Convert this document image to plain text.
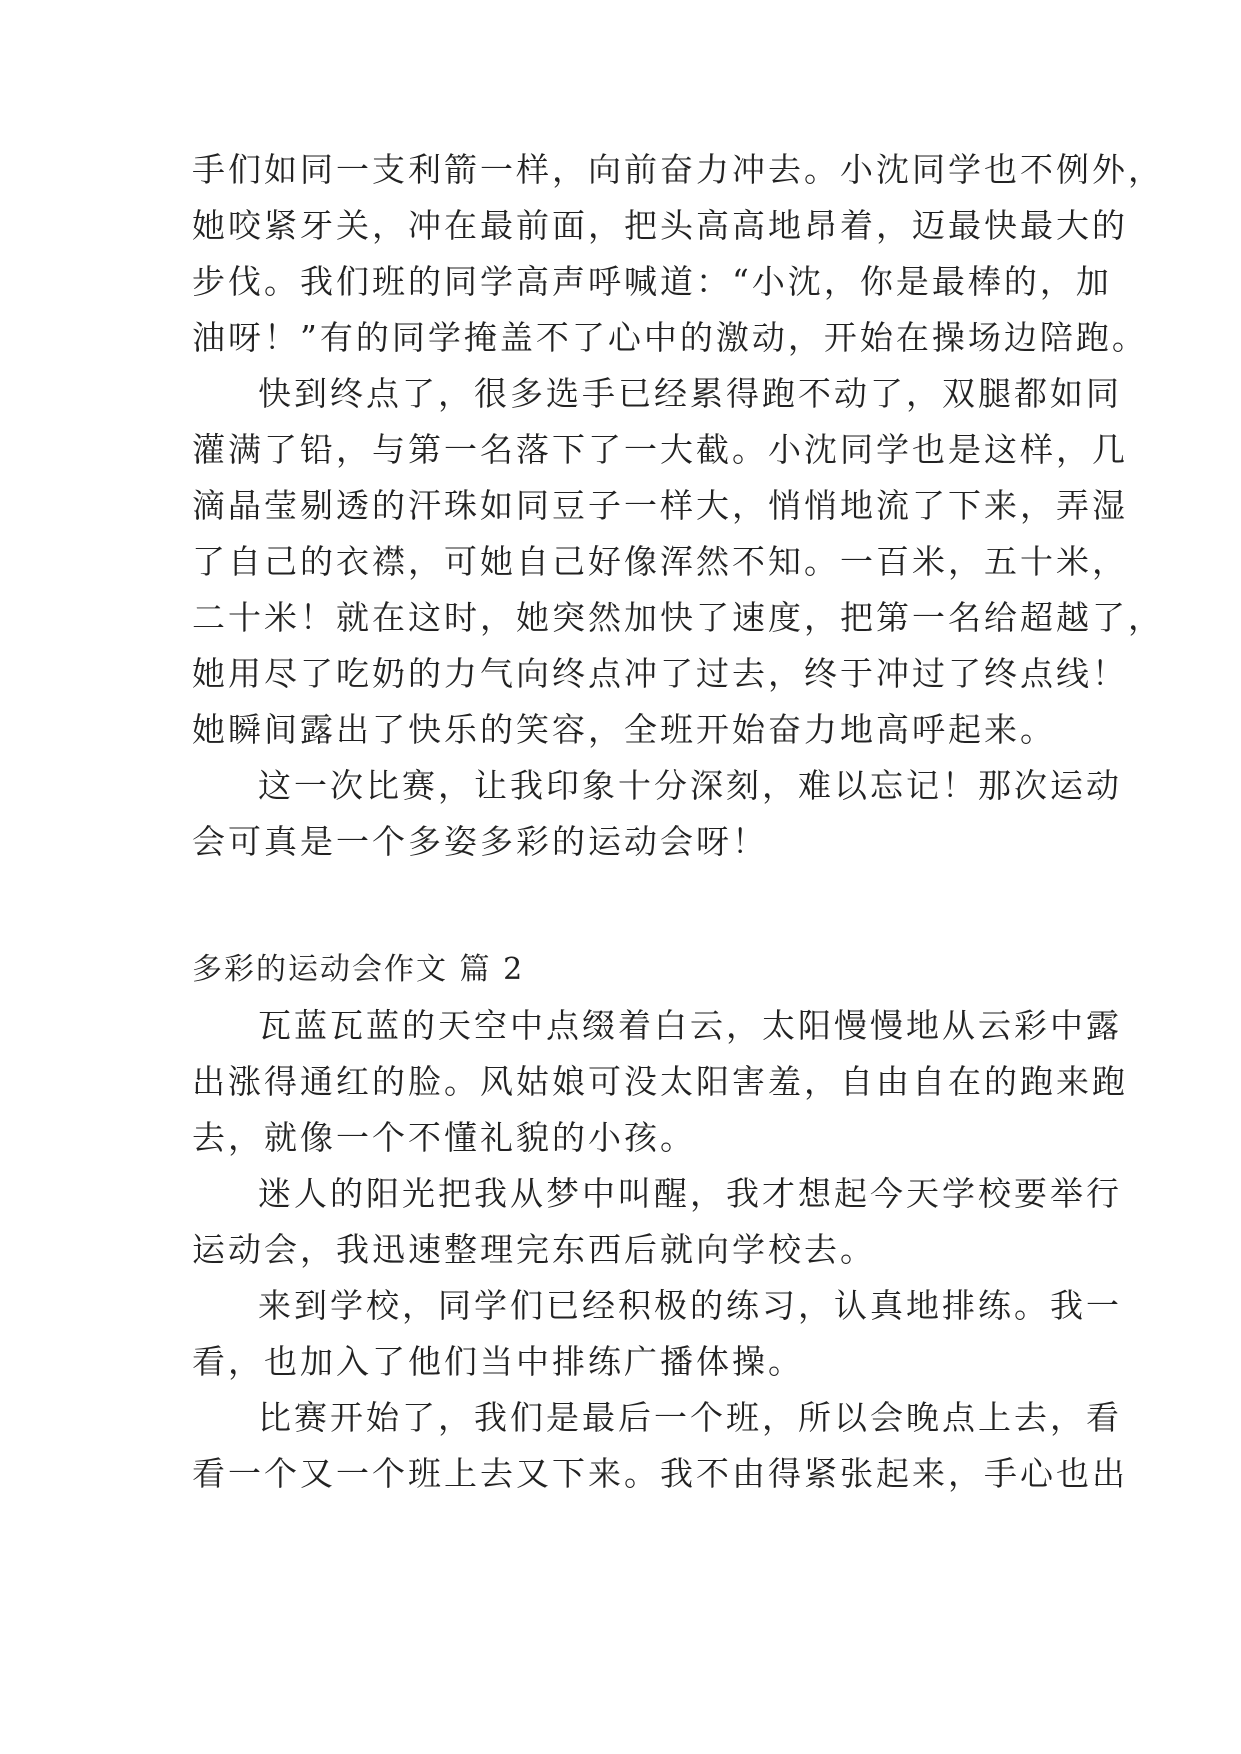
手们如同一支利箭一样，向前奋力冲去。小沈同学也不例外，
她咬紧牙关，冲在最前面，把头高高地昂着，迈最快最大的
步伐。我们班的同学高声呼喊道：“小沈，你是最棒的，加
油呀！”有的同学掩盖不了心中的激动，开始在操场边陪跑。
快到终点了，很多选手已经累得跑不动了，双腿都如同
灌满了铅，与第一名落下了一大截。小沈同学也是这样，几
滴晶莹剔透的汗珠如同豆子一样大，悄悄地流了下来，弄湿
了自己的衣襟，可她自己好像浑然不知。一百米，五十米，
二十米！就在这时，她突然加快了速度，把第一名给超越了，
她用尽了吃奶的力气向终点冲了过去，终于冲过了终点线！
她瞬间露出了快乐的笑容，全班开始奋力地高呼起来。
这一次比赛，让我印象十分深刻，难以忘记！那次运动
会可真是一个多姿多彩的运动会呀！
多彩的运动会作文 篇 2
瓦蓝瓦蓝的天空中点缀着白云，太阳慢慢地从云彩中露
出涨得通红的脸。风姑娘可没太阳害羞，自由自在的跑来跑
去，就像一个不懂礼貌的小孩。
迷人的阳光把我从梦中叫醒，我才想起今天学校要举行
运动会，我迅速整理完东西后就向学校去。
来到学校，同学们已经积极的练习，认真地排练。我一
看，也加入了他们当中排练广播体操。
比赛开始了，我们是最后一个班，所以会晚点上去，看
看一个又一个班上去又下来。我不由得紧张起来，手心也出
